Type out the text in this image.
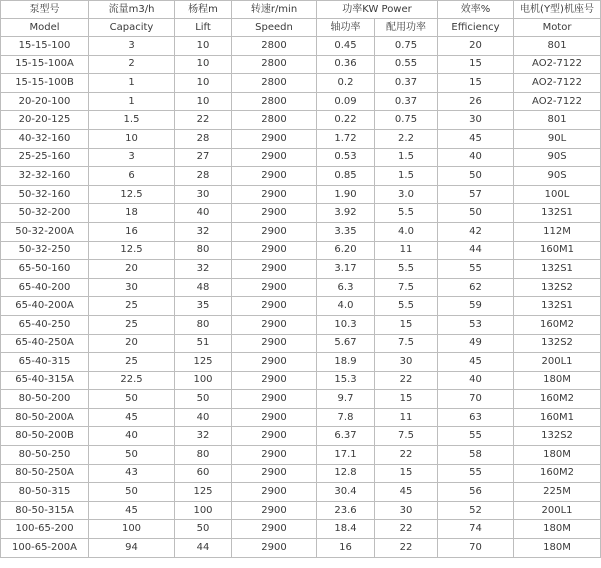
泵型号	流量m3/h	杨程m	转速r/min	功率KW Power		效率%	电机(Y型)机座号
Model	Capacity	Lift	Speedn	轴功率	配用功率	Efficiency	Motor
15-15-100	3	10	2800	0.45	0.75	20	801
15-15-100A	2	10	2800	0.36	0.55	15	AO2-7122
15-15-100B	1	10	2800	0.2	0.37	15	AO2-7122
20-20-100	1	10	2800	0.09	0.37	26	AO2-7122
20-20-125	1.5	22	2800	0.22	0.75	30	801
40-32-160	10	28	2900	1.72	2.2	45	90L
25-25-160	3	27	2900	0.53	1.5	40	90S
32-32-160	6	28	2900	0.85	1.5	50	90S
50-32-160	12.5	30	2900	1.90	3.0	57	100L
50-32-200	18	40	2900	3.92	5.5	50	132S1
50-32-200A	16	32	2900	3.35	4.0	42	112M
50-32-250	12.5	80	2900	6.20	11	44	160M1
65-50-160	20	32	2900	3.17	5.5	55	132S1
65-40-200	30	48	2900	6.3	7.5	62	132S2
65-40-200A	25	35	2900	4.0	5.5	59	132S1
65-40-250	25	80	2900	10.3	15	53	160M2
65-40-250A	20	51	2900	5.67	7.5	49	132S2
65-40-315	25	125	2900	18.9	30	45	200L1
65-40-315A	22.5	100	2900	15.3	22	40	180M
80-50-200	50	50	2900	9.7	15	70	160M2
80-50-200A	45	40	2900	7.8	11	63	160M1
80-50-200B	40	32	2900	6.37	7.5	55	132S2
80-50-250	50	80	2900	17.1	22	58	180M
80-50-250A	43	60	2900	12.8	15	55	160M2
80-50-315	50	125	2900	30.4	45	56	225M
80-50-315A	45	100	2900	23.6	30	52	200L1
100-65-200	100	50	2900	18.4	22	74	180M
100-65-200A	94	44	2900	16	22	70	180M
